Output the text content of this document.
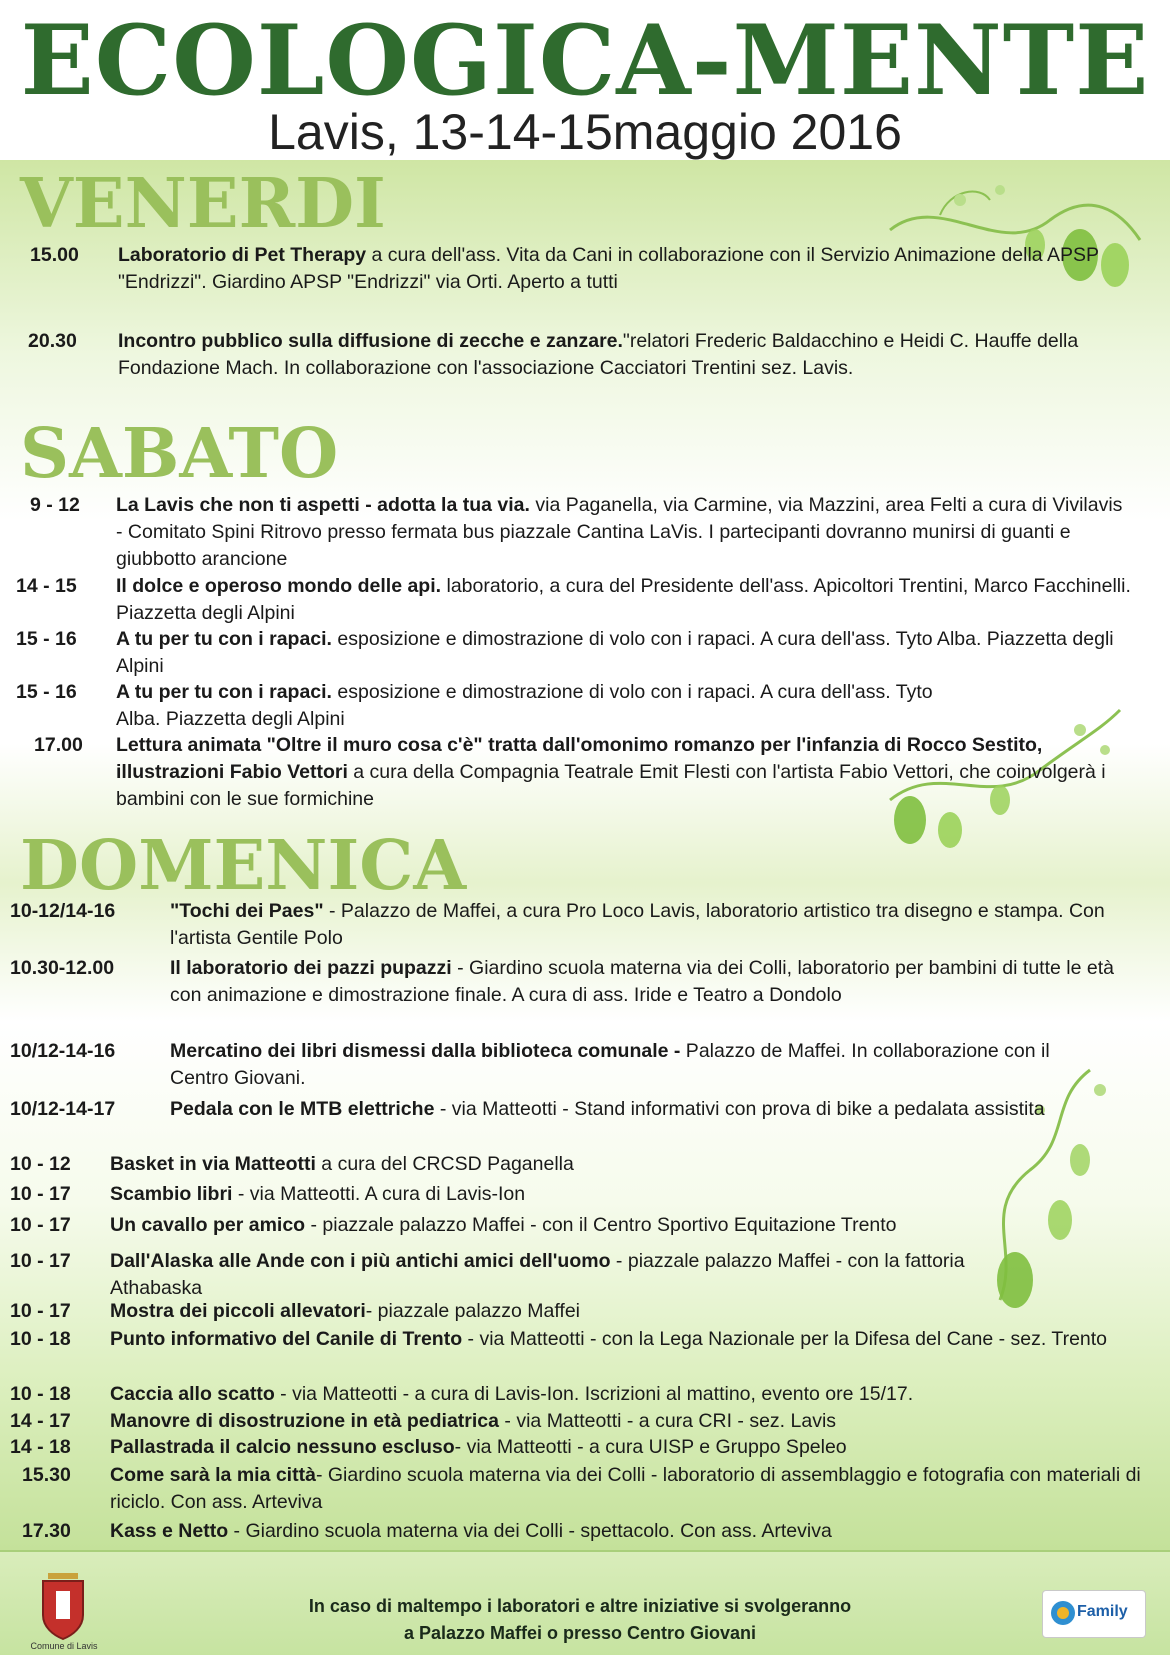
ECOLOGICA-MENTE
Lavis, 13-14-15maggio 2016
VENERDI
15.00 Laboratorio di Pet Therapy a cura dell'ass. Vita da Cani in collaborazione con il Servizio Animazione della APSP "Endrizzi". Giardino APSP "Endrizzi" via Orti. Aperto a tutti
20.30 Incontro pubblico sulla diffusione di zecche e zanzare."relatori Frederic Baldacchino e Heidi C. Hauffe della Fondazione Mach. In collaborazione con l'associazione Cacciatori Trentini sez. Lavis.
SABATO
9 - 12 La Lavis che non ti aspetti - adotta la tua via. via Paganella, via Carmine, via Mazzini, area Felti a cura di Vivilavis - Comitato Spini Ritrovo presso fermata bus piazzale Cantina LaVis. I partecipanti dovranno munirsi di guanti e giubbotto arancione
14 - 15 Il dolce e operoso mondo delle api. laboratorio, a cura del Presidente dell'ass. Apicoltori Trentini, Marco Facchinelli. Piazzetta degli Alpini
15 - 16 A tu per tu con i rapaci. esposizione e dimostrazione di volo con i rapaci. A cura dell'ass. Tyto Alba. Piazzetta degli Alpini
15 - 16 A tu per tu con i rapaci. esposizione e dimostrazione di volo con i rapaci. A cura dell'ass. Tyto Alba. Piazzetta degli Alpini
17.00 Lettura animata "Oltre il muro cosa c'è" tratta dall'omonimo romanzo per l'infanzia di Rocco Sestito, illustrazioni Fabio Vettori a cura della Compagnia Teatrale Emit Flesti con l'artista Fabio Vettori, che coinvolgerà i bambini con le sue formichine
DOMENICA
10-12/14-16	"Tochi dei Paes" - Palazzo de Maffei, a cura Pro Loco Lavis, laboratorio artistico tra disegno e stampa. Con l'artista Gentile Polo
10.30-12.00	Il laboratorio dei pazzi pupazzi - Giardino scuola materna via dei Colli, laboratorio per bambini di tutte le età con animazione e dimostrazione finale. A cura di ass. Iride e Teatro a Dondolo
10/12-14-16	Mercatino dei libri dismessi dalla biblioteca comunale - Palazzo de Maffei. In collaborazione con il Centro Giovani.
10/12-14-17	Pedala con le MTB elettriche - via Matteotti - Stand informativi con prova di bike a pedalata assistita
10 - 12 Basket in via Matteotti a cura del CRCSD Paganella
10 - 17 Scambio libri - via Matteotti. A cura di Lavis-Ion
10 - 17 Un cavallo per amico - piazzale palazzo Maffei - con il Centro Sportivo Equitazione Trento
10 - 17 Dall'Alaska alle Ande con i più antichi amici dell'uomo - piazzale palazzo Maffei - con la fattoria Athabaska
10 - 17 Mostra dei piccoli allevatori- piazzale palazzo Maffei
10 - 18 Punto informativo del Canile di Trento - via Matteotti - con la Lega Nazionale per la Difesa del Cane - sez. Trento
10 - 18 Caccia allo scatto - via Matteotti - a cura di Lavis-Ion. Iscrizioni al mattino, evento ore 15/17.
14 - 17 Manovre di disostruzione in età pediatrica - via Matteotti - a cura CRI - sez. Lavis
14 - 18 Pallastrada il calcio nessuno escluso- via Matteotti - a cura UISP e Gruppo Speleo
15.30 Come sarà la mia città- Giardino scuola materna via dei Colli - laboratorio di assemblaggio e fotografia con materiali di riciclo. Con ass. Arteviva
17.30 Kass e Netto - Giardino scuola materna via dei Colli - spettacolo. Con ass. Arteviva
Comune di Lavis
In caso di maltempo i laboratori e altre iniziative si svolgeranno
a Palazzo Maffei o presso Centro Giovani
Family
